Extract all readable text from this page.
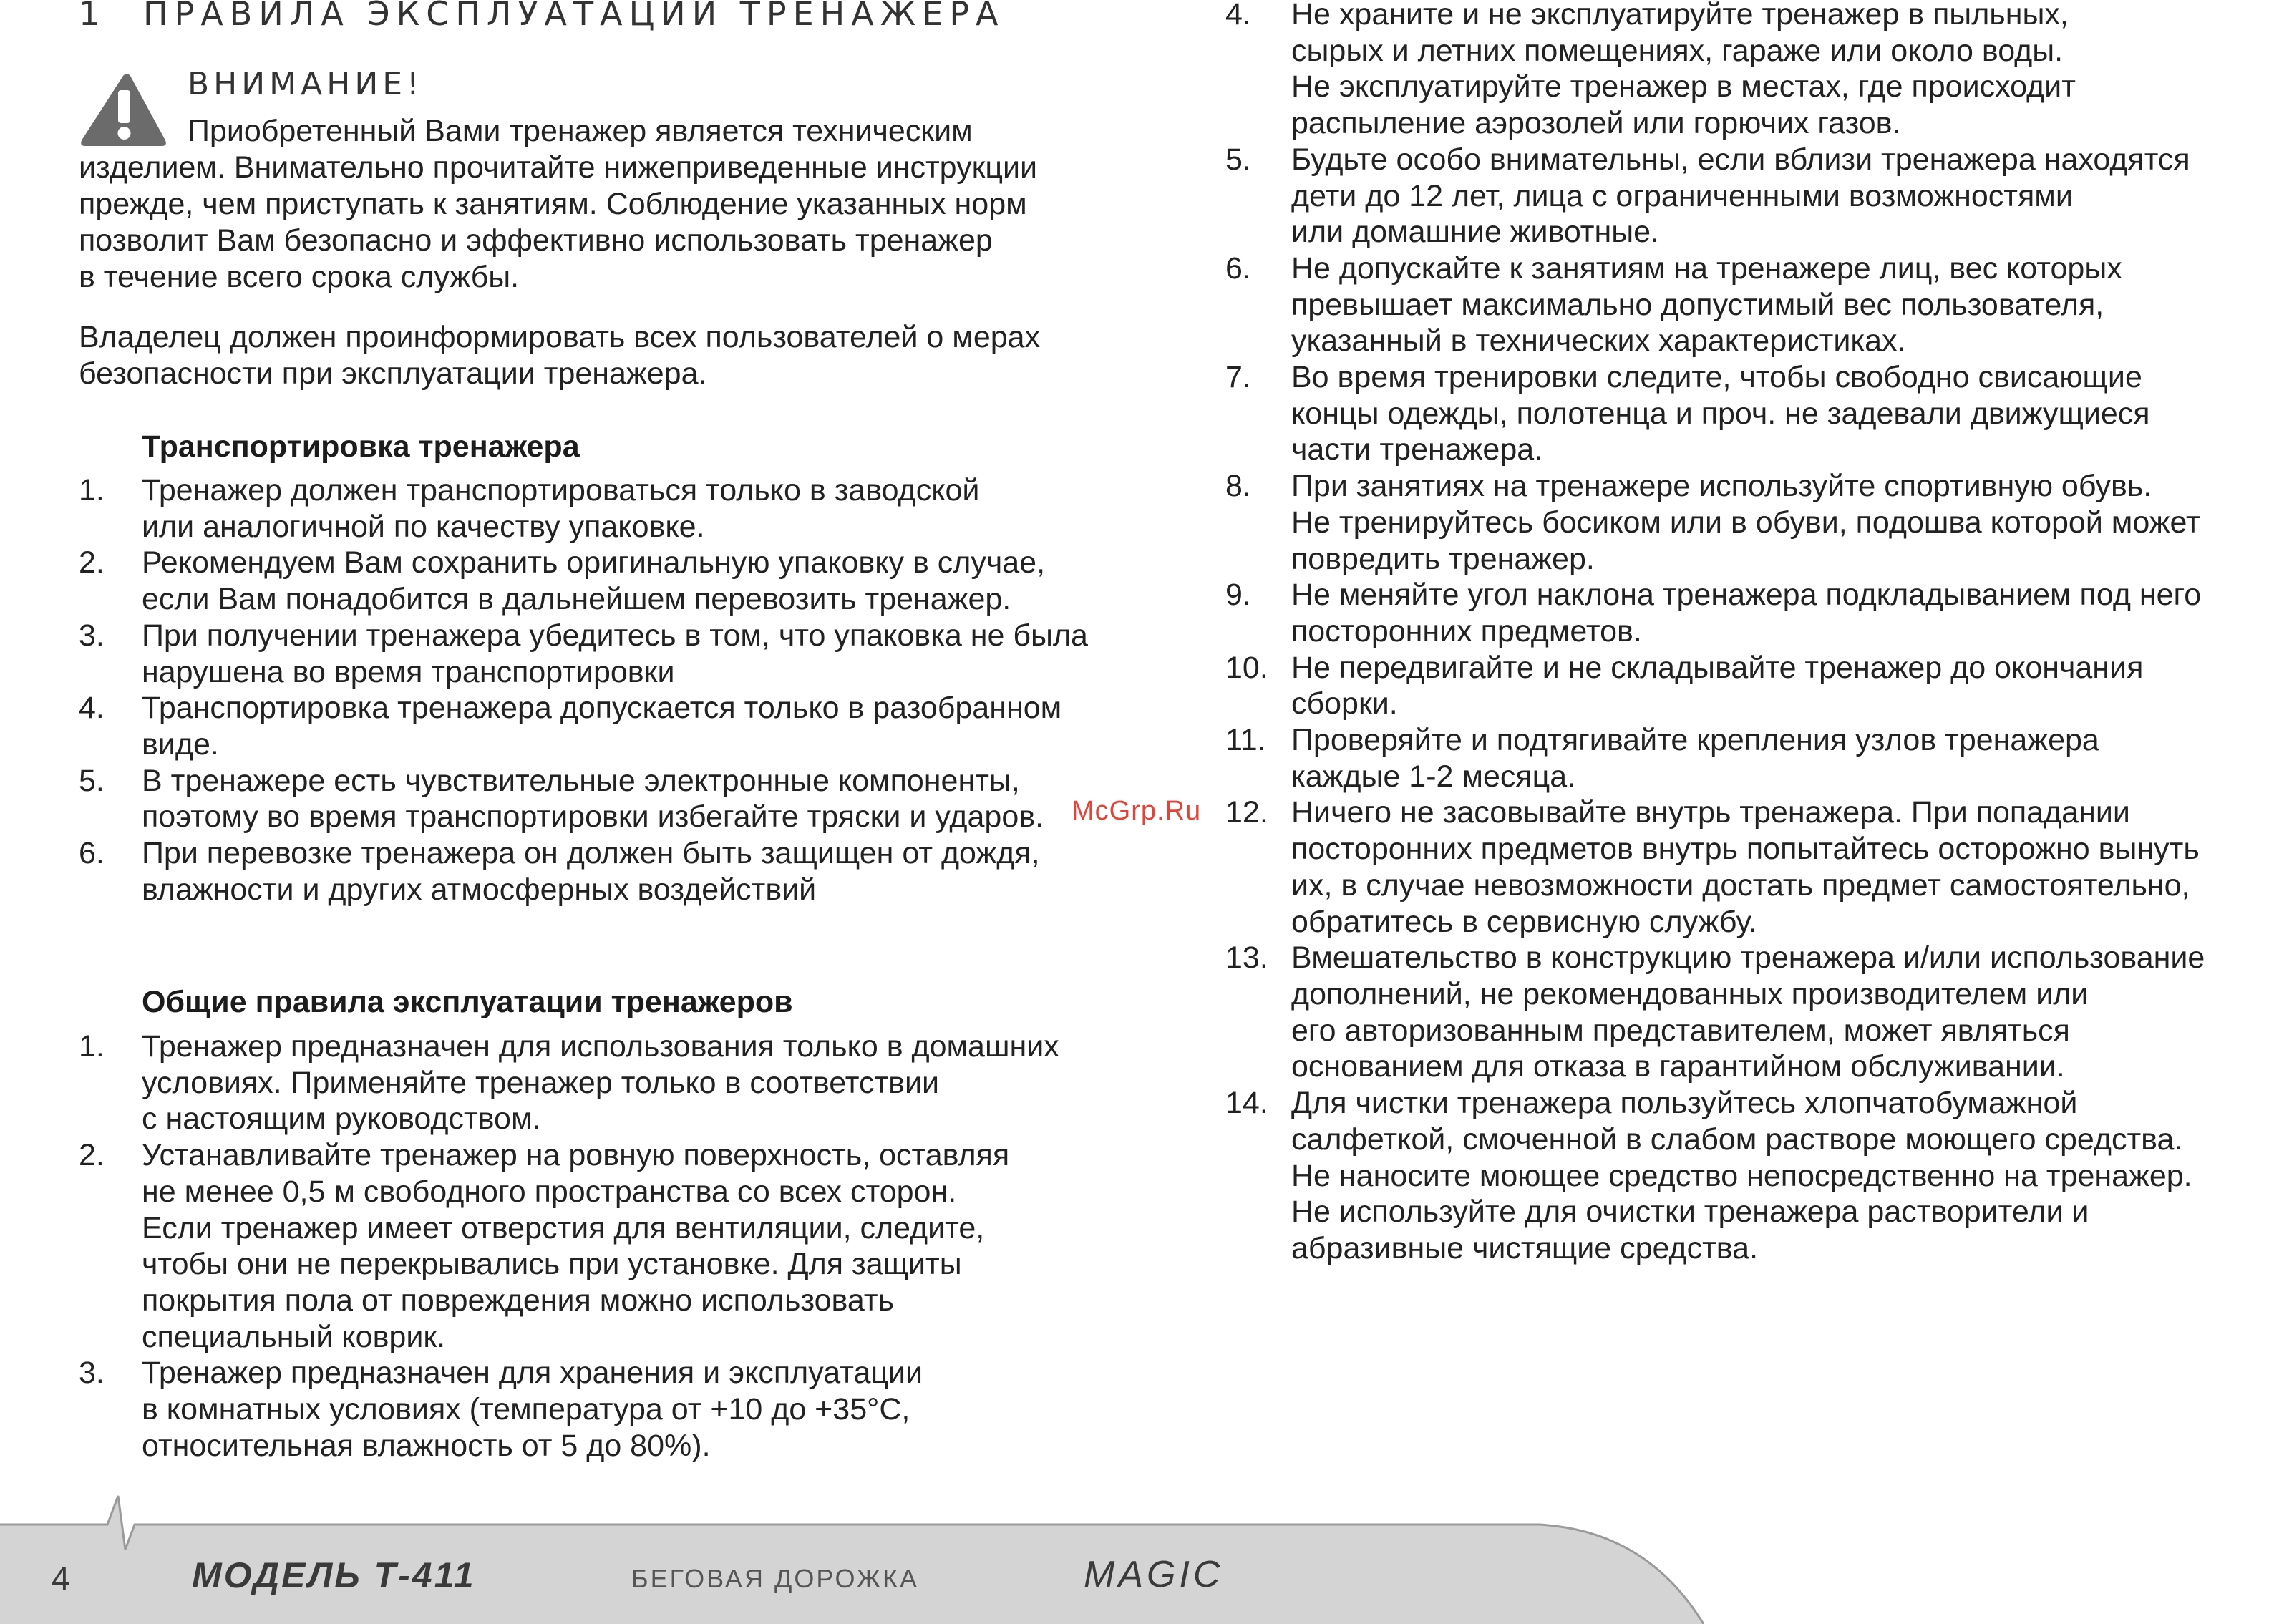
1 ПРАВИЛА ЭКСПЛУАТАЦИИ ТРЕНАЖЕРА
ВНИМАНИЕ!

Приобретенный Вами тренажер является техническим
изделием. Внимательно прочитайте нижеприведенные инструкции
прежде, чем приступать к занятиям. Соблюдение указанных норм
позволит Вам безопасно и эффективно использовать тренажер
в течение всего срока службы.

Владелец должен проинформировать всех пользователей о мерах
безопасности при эксплуатации тренажера.

Транспортировка тренажера
1.	Тренажер должен транспортироваться только в заводской
или аналогичной по качеству упаковке.
2.	Рекомендуем Вам сохранить оригинальную упаковку в случае,
если Вам понадобится в дальнейшем перевозить тренажер.
3.	При получении тренажера убедитесь в том, что упаковка не была
нарушена во время транспортировки
4.	Транспортировка тренажера допускается только в разобранном
виде.
5.	В тренажере есть чувствительные электронные компоненты,
поэтому во время транспортировки избегайте тряски и ударов.
6.	При перевозке тренажера он должен быть защищен от дождя,
влажности и других атмосферных воздействий
Общие правила эксплуатации тренажеров
1.	Тренажер предназначен для использования только в домашних
условиях. Применяйте тренажер только в соответствии
с настоящим руководством.
2.	Устанавливайте тренажер на ровную поверхность, оставляя
не менее 0,5 м свободного пространства со всех сторон.
Если тренажер имеет отверстия для вентиляции, следите,
чтобы они не перекрывались при установке. Для защиты
покрытия пола от повреждения можно использовать
специальный коврик.
3.	Тренажер предназначен для хранения и эксплуатации
в комнатных условиях (температура от +10 до +35°C,
относительная влажность от 5 до 80%).
4.	Не храните и не эксплуатируйте тренажер в пыльных,
сырых и летних помещениях, гараже или около воды.
Не эксплуатируйте тренажер в местах, где происходит
распыление аэрозолей или горючих газов.
5.	Будьте особо внимательны, если вблизи тренажера находятся
дети до 12 лет, лица с ограниченными возможностями
или домашние животные.
6.	Не допускайте к занятиям на тренажере лиц, вес которых
превышает максимально допустимый вес пользователя,
указанный в технических характеристиках.
7.	Во время тренировки следите, чтобы свободно свисающие
концы одежды, полотенца и проч. не задевали движущиеся
части тренажера.
8.	При занятиях на тренажере используйте спортивную обувь.
Не тренируйтесь босиком или в обуви, подошва которой может
повредить тренажер.
9.	Не меняйте угол наклона тренажера подкладыванием под него
посторонних предметов.
10. Не передвигайте и не складывайте тренажер до окончания
сборки.
11. Проверяйте и подтягивайте крепления узлов тренажера
каждые 1-2 месяца.
12. Ничего не засовывайте внутрь тренажера. При попадании
посторонних предметов внутрь попытайтесь осторожно вынуть
их, в случае невозможности достать предмет самостоятельно,
обратитесь в сервисную службу.
13. Вмешательство в конструкцию тренажера и/или использование
дополнений, не рекомендованных производителем или
его авторизованным представителем, может являться
основанием для отказа в гарантийном обслуживании.
14. Для чистки тренажера пользуйтесь хлопчатобумажной
салфеткой, смоченной в слабом растворе моющего средства.
Не наносите моющее средство непосредственно на тренажер.
Не используйте для очистки тренажера растворители и
абразивные чистящие средства.
McGrp.Ru
4	МОДЕЛЬ Т-411	БЕГОВАЯ ДОРОЖКА	MAGIC
